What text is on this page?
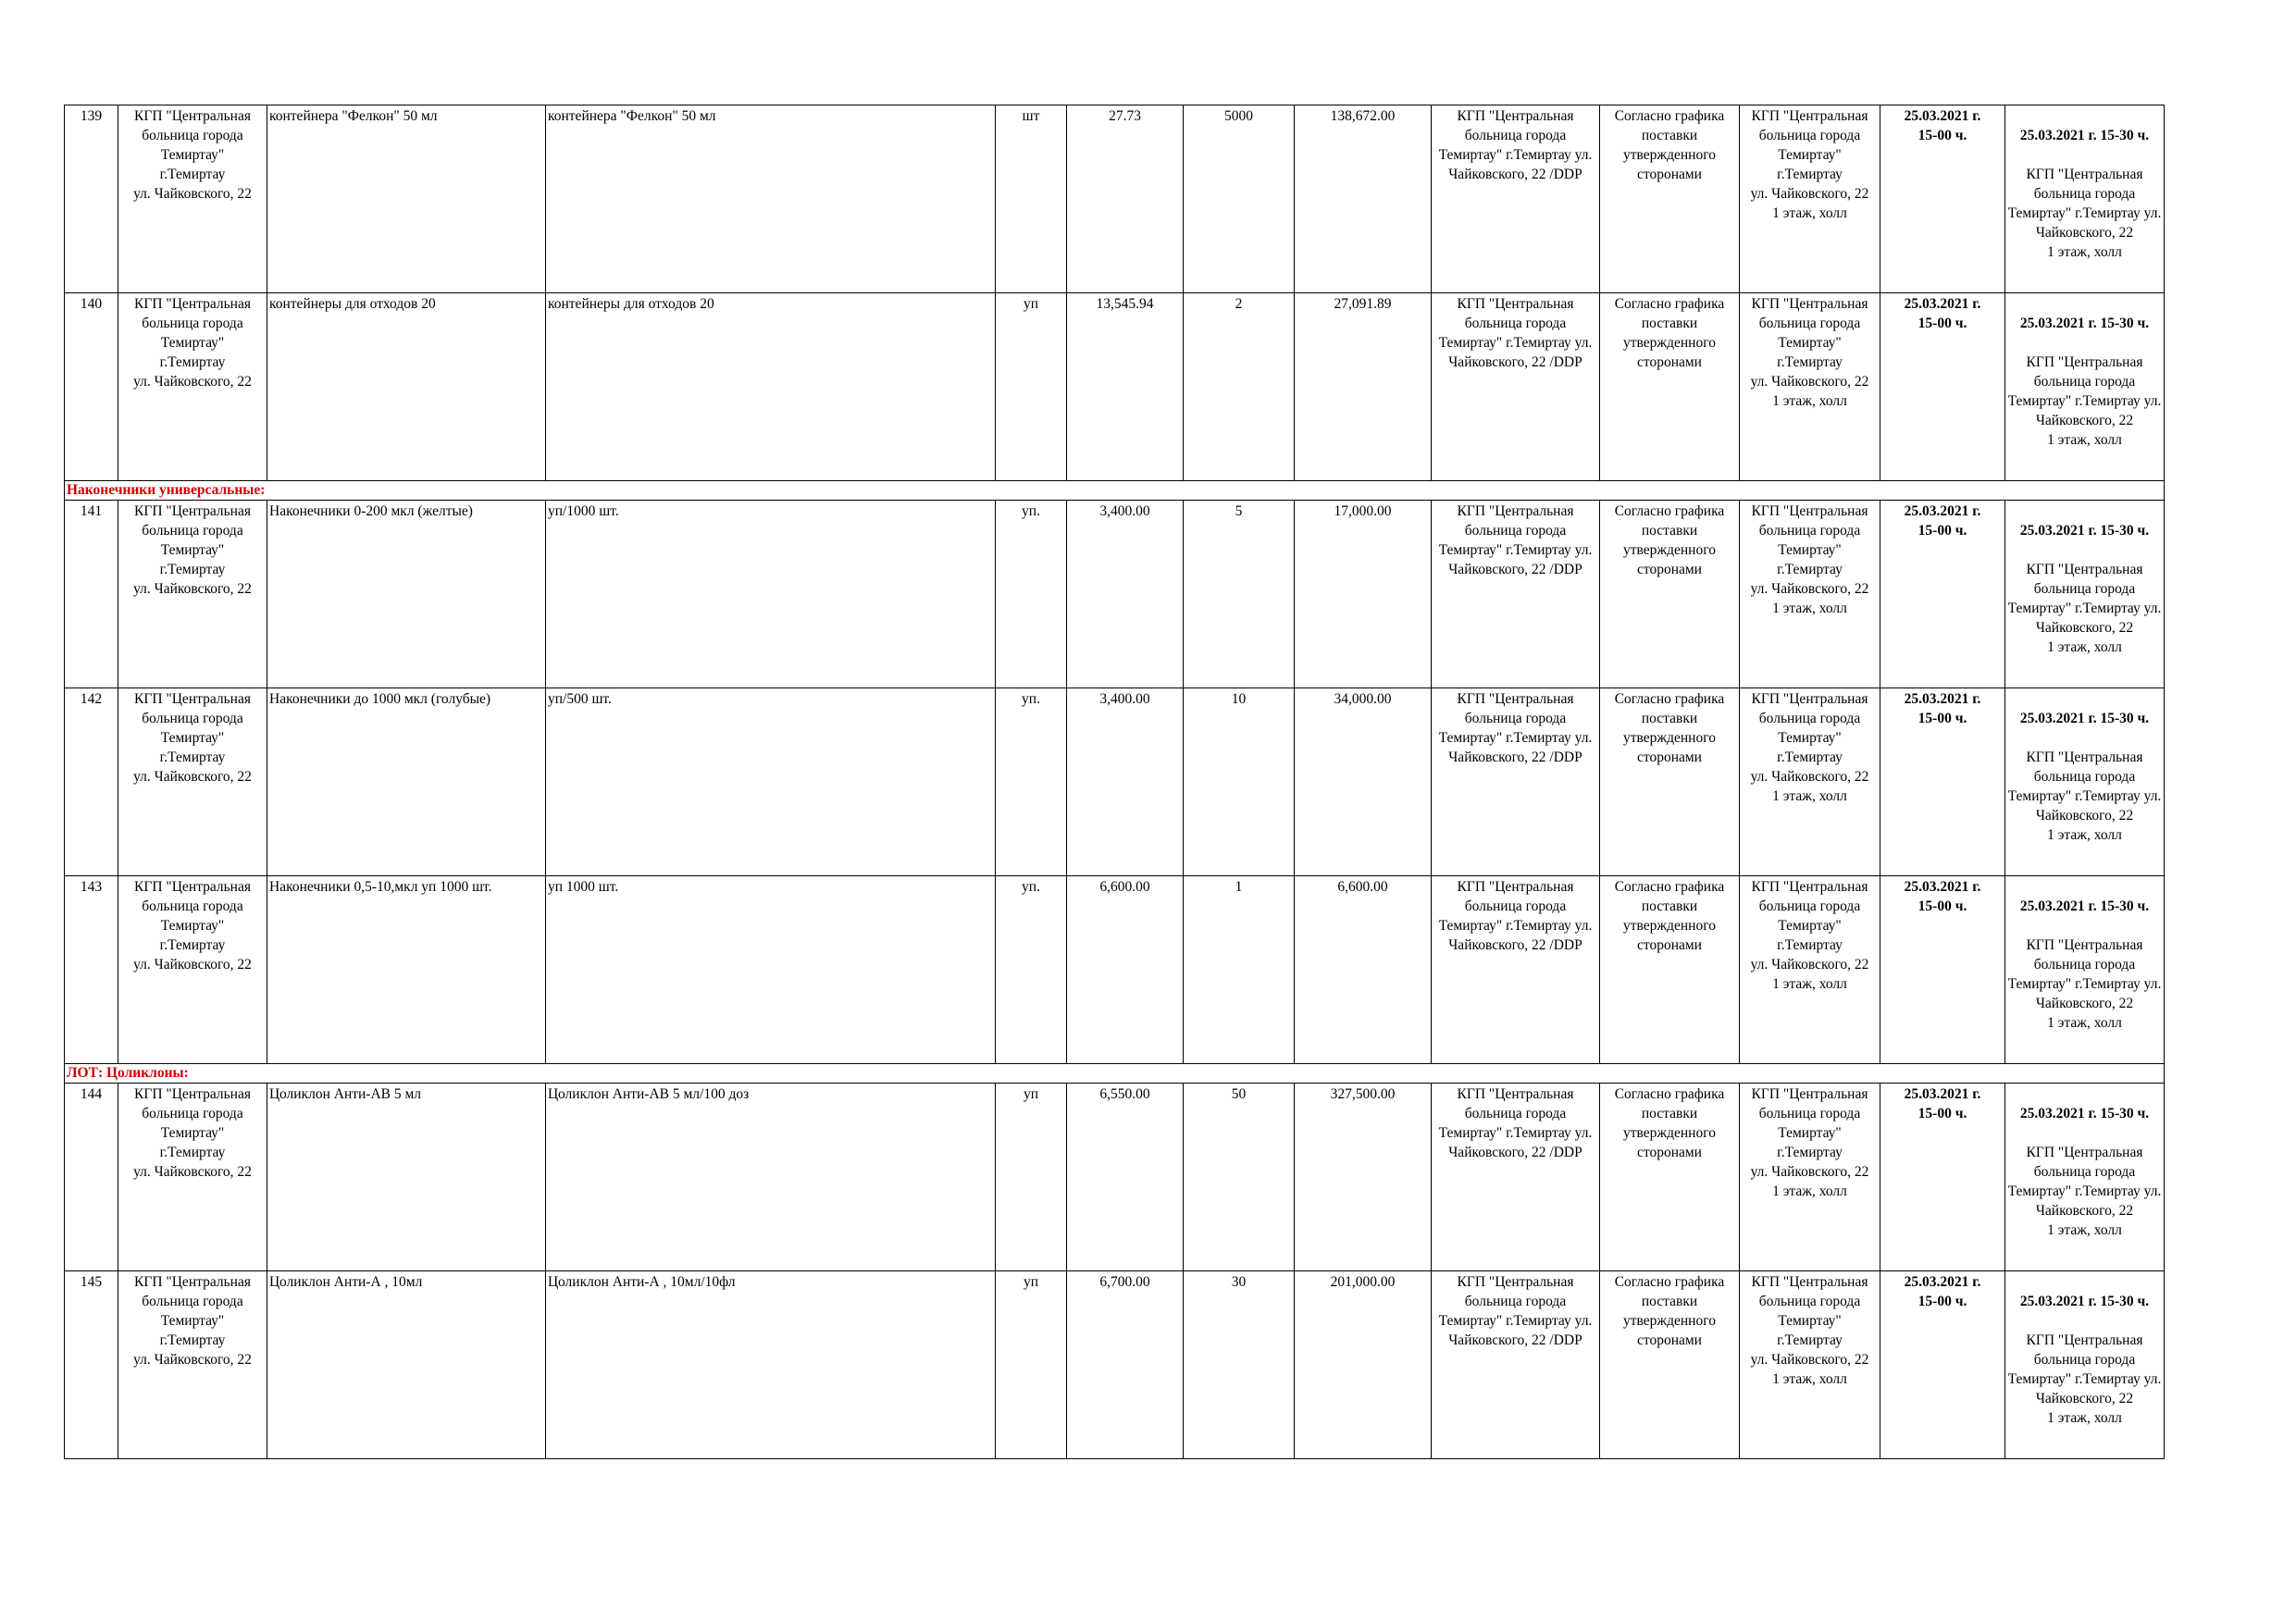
139	КГП "Центральная больница города Темиртау"
г.Темиртау
ул. Чайковского, 22	контейнера "Фелкон" 50 мл	контейнера "Фелкон" 50 мл	шт	27.73	5000	138,672.00	КГП "Центральная больница города Темиртау" г.Темиртау ул. Чайковского, 22 /DDP	Согласно графика поставки утвержденного сторонами	КГП "Центральная больница города Темиртау"
г.Темиртау
ул. Чайковского, 22
1 этаж, холл	25.03.2021 г.
15-00 ч.	25.03.2021 г. 15-30 ч.

КГП "Центральная больница города Темиртау" г.Темиртау ул. Чайковского, 22
1 этаж, холл

140	КГП "Центральная больница города Темиртау"
г.Темиртау
ул. Чайковского, 22	контейнеры для отходов 20	контейнеры для отходов 20	уп	13,545.94	2	27,091.89	КГП "Центральная больница города Темиртау" г.Темиртау ул. Чайковского, 22 /DDP	Согласно графика поставки утвержденного сторонами	КГП "Центральная больница города Темиртау"
г.Темиртау
ул. Чайковского, 22
1 этаж, холл	25.03.2021 г.
15-00 ч.	25.03.2021 г. 15-30 ч.

КГП "Центральная больница города Темиртау" г.Темиртау ул. Чайковского, 22
1 этаж, холл

Наконечники универсальные:												
141	КГП "Центральная больница города Темиртау"
г.Темиртау
ул. Чайковского, 22	Наконечники 0-200 мкл (желтые)	уп/1000 шт.	уп.	3,400.00	5	17,000.00	КГП "Центральная больница города Темиртау" г.Темиртау ул. Чайковского, 22 /DDP	Согласно графика поставки утвержденного сторонами	КГП "Центральная больница города Темиртау"
г.Темиртау
ул. Чайковского, 22
1 этаж, холл	25.03.2021 г.
15-00 ч.	25.03.2021 г. 15-30 ч.

КГП "Центральная больница города Темиртау" г.Темиртау ул. Чайковского, 22
1 этаж, холл

142	КГП "Центральная больница города Темиртау"
г.Темиртау
ул. Чайковского, 22	Наконечники до 1000 мкл (голубые)	уп/500 шт.	уп.	3,400.00	10	34,000.00	КГП "Центральная больница города Темиртау" г.Темиртау ул. Чайковского, 22 /DDP	Согласно графика поставки утвержденного сторонами	КГП "Центральная больница города Темиртау"
г.Темиртау
ул. Чайковского, 22
1 этаж, холл	25.03.2021 г.
15-00 ч.	25.03.2021 г. 15-30 ч.

КГП "Центральная больница города Темиртау" г.Темиртау ул. Чайковского, 22
1 этаж, холл

143	КГП "Центральная больница города Темиртау"
г.Темиртау
ул. Чайковского, 22	Наконечники 0,5-10,мкл уп 1000 шт.	уп 1000 шт.	уп.	6,600.00	1	6,600.00	КГП "Центральная больница города Темиртау" г.Темиртау ул. Чайковского, 22 /DDP	Согласно графика поставки утвержденного сторонами	КГП "Центральная больница города Темиртау"
г.Темиртау
ул. Чайковского, 22
1 этаж, холл	25.03.2021 г.
15-00 ч.	25.03.2021 г. 15-30 ч.

КГП "Центральная больница города Темиртау" г.Темиртау ул. Чайковского, 22
1 этаж, холл

ЛОТ: Цоликлоны:												
144	КГП "Центральная больница города Темиртау"
г.Темиртау
ул. Чайковского, 22	Цоликлон Анти-АВ 5 мл	Цоликлон Анти-АВ 5 мл/100 доз	уп	6,550.00	50	327,500.00	КГП "Центральная больница города Темиртау" г.Темиртау ул. Чайковского, 22 /DDP	Согласно графика поставки утвержденного сторонами	КГП "Центральная больница города Темиртау"
г.Темиртау
ул. Чайковского, 22
1 этаж, холл	25.03.2021 г.
15-00 ч.	25.03.2021 г. 15-30 ч.

КГП "Центральная больница города Темиртау" г.Темиртау ул. Чайковского, 22
1 этаж, холл

145	КГП "Центральная больница города Темиртау"
г.Темиртау
ул. Чайковского, 22	Цоликлон Анти-А , 10мл	Цоликлон Анти-А , 10мл/10фл	уп	6,700.00	30	201,000.00	КГП "Центральная больница города Темиртау" г.Темиртау ул. Чайковского, 22 /DDP	Согласно графика поставки утвержденного сторонами	КГП "Центральная больница города Темиртау"
г.Темиртау
ул. Чайковского, 22
1 этаж, холл	25.03.2021 г.
15-00 ч.	25.03.2021 г. 15-30 ч.

КГП "Центральная больница города Темиртау" г.Темиртау ул. Чайковского, 22
1 этаж, холл
